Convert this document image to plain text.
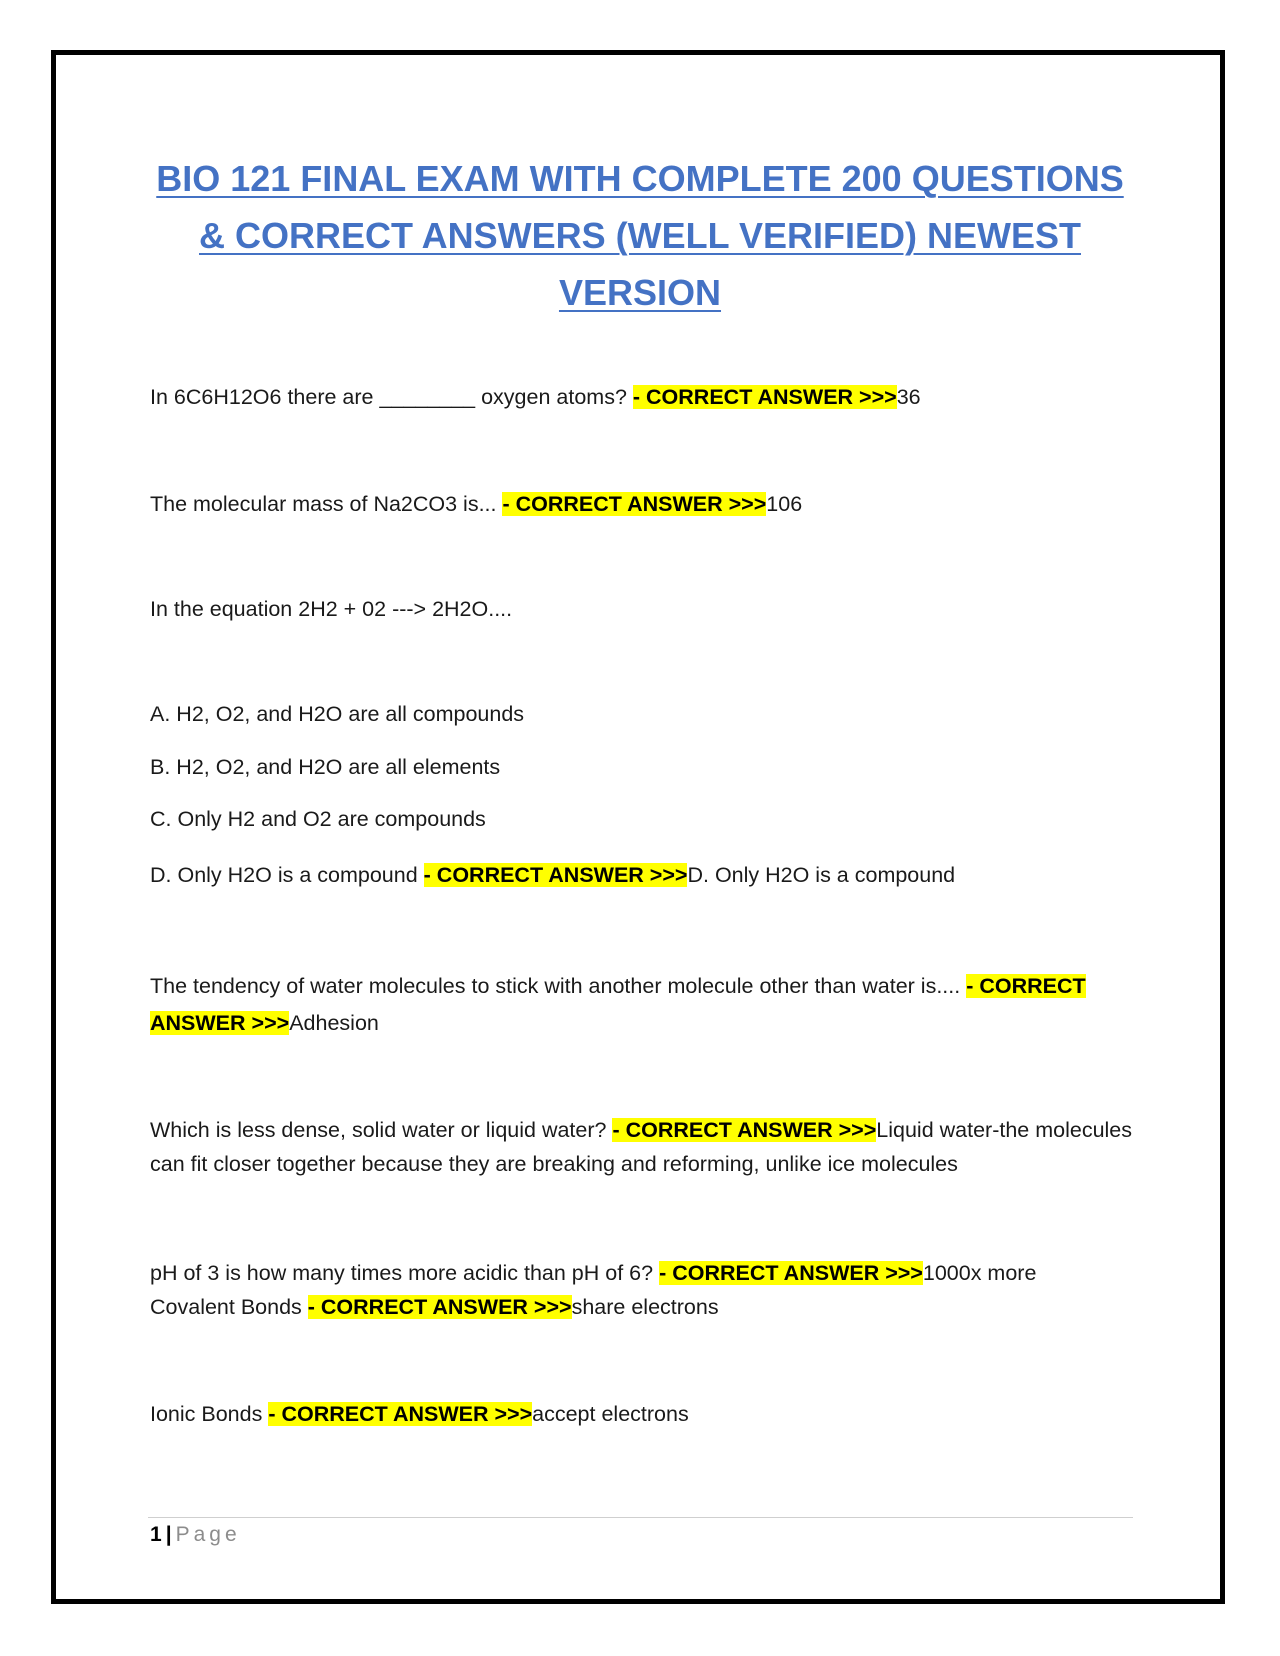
BIO 121 FINAL EXAM WITH COMPLETE 200 QUESTIONS
& CORRECT ANSWERS (WELL VERIFIED) NEWEST
VERSION
In 6C6H12O6 there are ________ oxygen atoms? - CORRECT ANSWER >>>36
The molecular mass of Na2CO3 is... - CORRECT ANSWER >>>106
In the equation 2H2 + 02 ---> 2H2O....
A. H2, O2, and H2O are all compounds
B. H2, O2, and H2O are all elements
C. Only H2 and O2 are compounds
D. Only H2O is a compound - CORRECT ANSWER >>>D. Only H2O is a compound
The tendency of water molecules to stick with another molecule other than water is.... - CORRECT ANSWER >>>Adhesion
Which is less dense, solid water or liquid water? - CORRECT ANSWER >>>Liquid water-the molecules can fit closer together because they are breaking and reforming, unlike ice molecules
pH of 3 is how many times more acidic than pH of 6? - CORRECT ANSWER >>>1000x more
Covalent Bonds - CORRECT ANSWER >>>share electrons
Ionic Bonds - CORRECT ANSWER >>>accept electrons
1 | Page
